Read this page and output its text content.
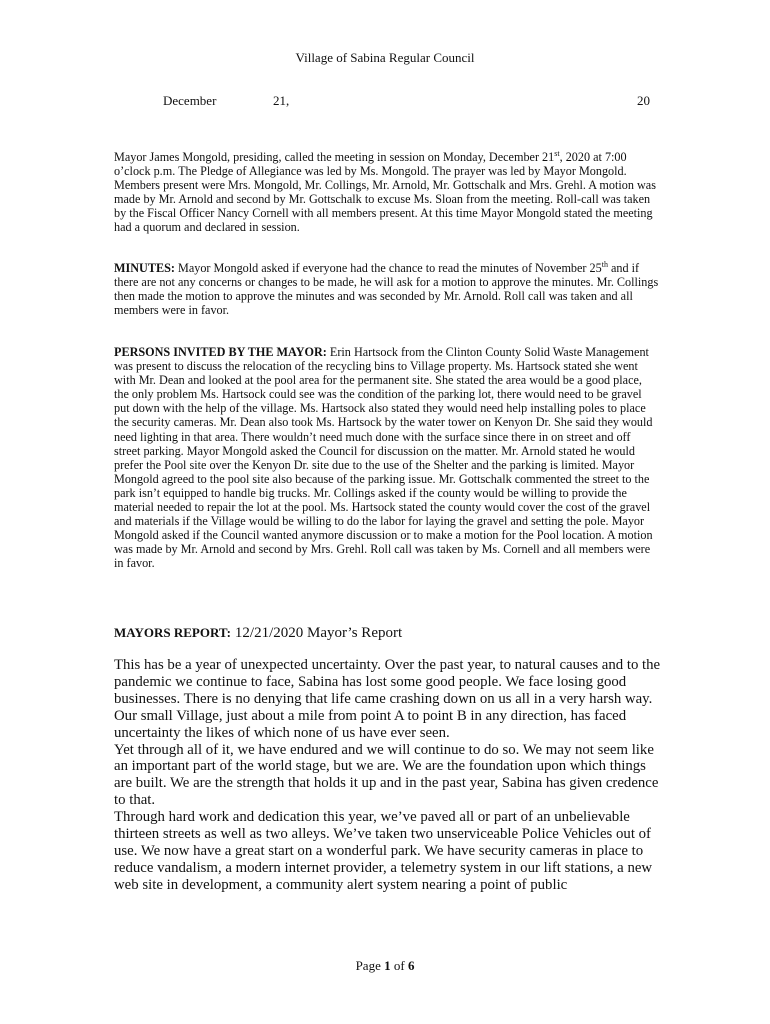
Village of Sabina Regular Council
December	21,	20

Mayor James Mongold, presiding, called the meeting in session on Monday, December 21st, 2020 at 7:00 o’clock p.m. The Pledge of Allegiance was led by Ms. Mongold. The prayer was led by Mayor Mongold. Members present were Mrs. Mongold, Mr. Collings, Mr. Arnold, Mr. Gottschalk and Mrs. Grehl. A motion was made by Mr. Arnold and second by Mr. Gottschalk to excuse Ms. Sloan from the meeting. Roll-call was taken by the Fiscal Officer Nancy Cornell with all members present. At this time Mayor Mongold stated the meeting had a quorum and declared in session.

MINUTES: Mayor Mongold asked if everyone had the chance to read the minutes of November 25th and if there are not any concerns or changes to be made, he will ask for a motion to approve the minutes. Mr. Collings then made the motion to approve the minutes and was seconded by Mr. Arnold. Roll call was taken and all members were in favor.

PERSONS INVITED BY THE MAYOR: Erin Hartsock from the Clinton County Solid Waste Management was present to discuss the relocation of the recycling bins to Village property. Ms. Hartsock stated she went with Mr. Dean and looked at the pool area for the permanent site. She stated the area would be a good place, the only problem Ms. Hartsock could see was the condition of the parking lot, there would need to be gravel put down with the help of the village. Ms. Hartsock also stated they would need help installing poles to place the security cameras. Mr. Dean also took Ms. Hartsock by the water tower on Kenyon Dr. She said they would need lighting in that area. There wouldn’t need much done with the surface since there in on street and off street parking. Mayor Mongold asked the Council for discussion on the matter. Mr. Arnold stated he would prefer the Pool site over the Kenyon Dr. site due to the use of the Shelter and the parking is limited. Mayor Mongold agreed to the pool site also because of the parking issue. Mr. Gottschalk commented the street to the park isn’t equipped to handle big trucks. Mr. Collings asked if the county would be willing to provide the material needed to repair the lot at the pool. Ms. Hartsock stated the county would cover the cost of the gravel and materials if the Village would be willing to do the labor for laying the gravel and setting the pole. Mayor Mongold asked if the Council wanted anymore discussion or to make a motion for the Pool location. A motion was made by Mr. Arnold and second by Mrs. Grehl. Roll call was taken by Ms. Cornell and all members were in favor.

MAYORS REPORT: 12/21/2020 Mayor’s Report

This has be a year of unexpected uncertainty. Over the past year, to natural causes and to the pandemic we continue to face, Sabina has lost some good people. We face losing good businesses. There is no denying that life came crashing down on us all in a very harsh way. Our small Village, just about a mile from point A to point B in any direction, has faced uncertainty the likes of which none of us have ever seen.

Yet through all of it, we have endured and we will continue to do so. We may not seem like an important part of the world stage, but we are. We are the foundation upon which things are built. We are the strength that holds it up and in the past year, Sabina has given credence to that.

Through hard work and dedication this year, we’ve paved all or part of an unbelievable thirteen streets as well as two alleys. We’ve taken two unserviceable Police Vehicles out of use. We now have a great start on a wonderful park. We have security cameras in place to reduce vandalism, a modern internet provider, a telemetry system in our lift stations, a new web site in development, a community alert system nearing a point of public

Page 1 of 6
